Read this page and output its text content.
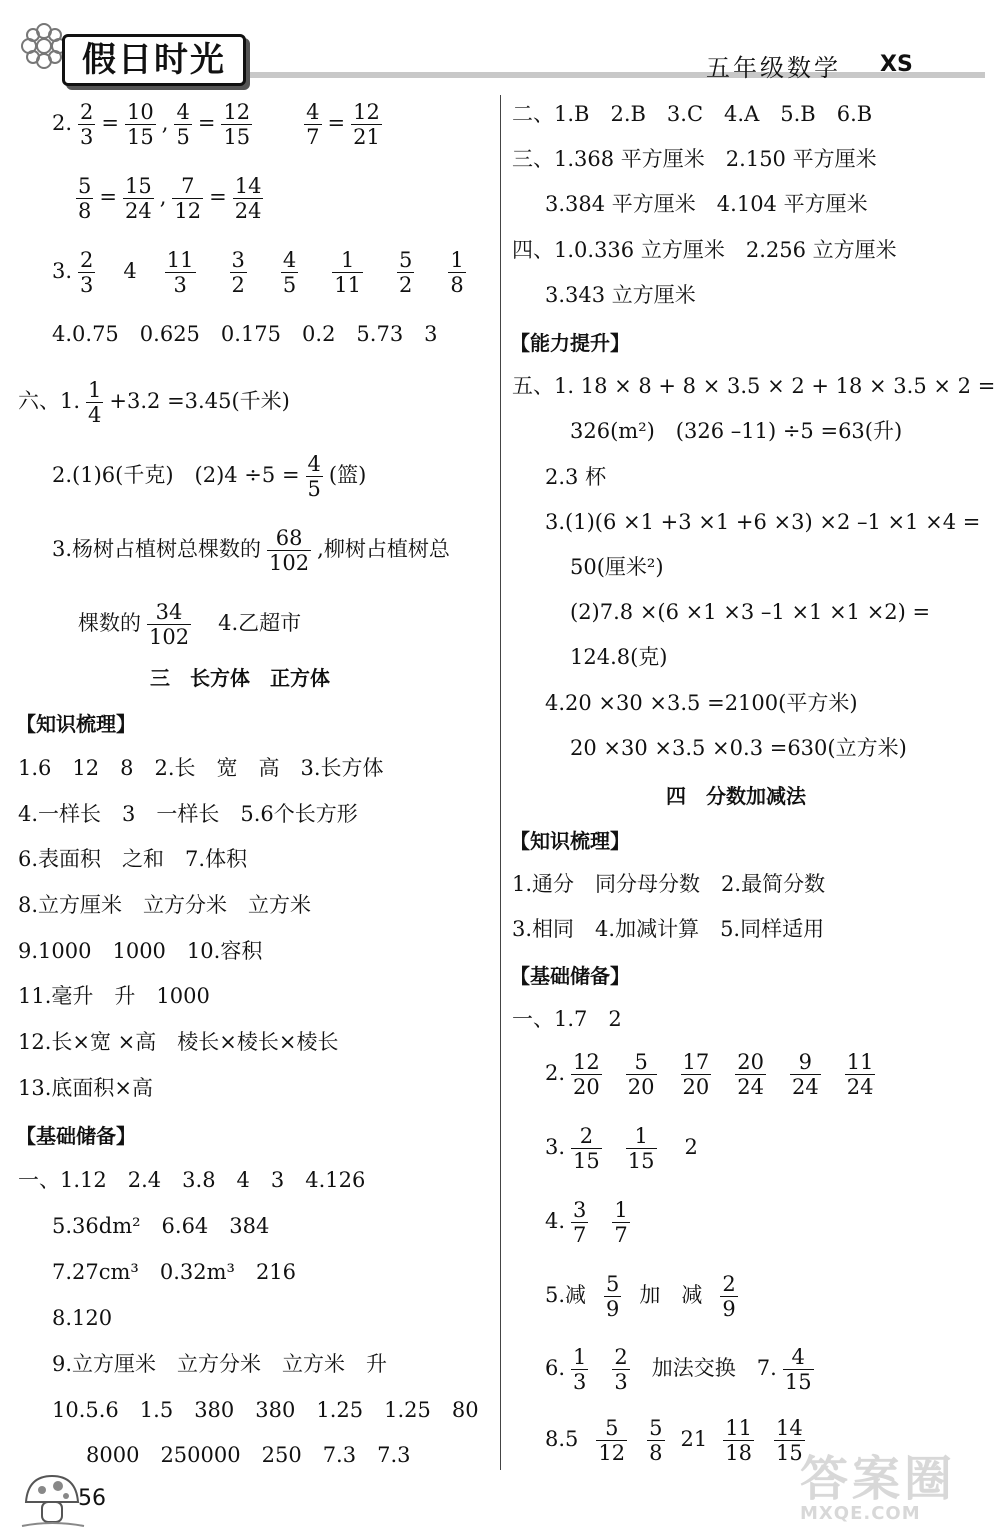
假日时光	五年级数学 XS
2. $\frac{2}{3} = \frac{10}{15}$ , $\frac{4}{5} = \frac{12}{15} \frac{4}{7} = \frac{12}{21}$
$\frac{5}{8} = \frac{15}{24}$ , $\frac{7}{12} = \frac{14}{24}$
3. $\frac{2}{3} 4 \frac{11}{3} \frac{3}{2} \frac{4}{5} \frac{1}{11} \frac{5}{2} \frac{1}{8}$
4.0.75　0.625　0.175　0.2　5.73　3
六、1. $\frac{1}{4} +3.2 =3.45$(千米)
2.(1)6(千克)　$(2)4 \div 5 = \frac{4}{5}$ (篮)
3.杨树占植树总棵数的 $\frac{68}{102}$ ,柳树占植树总
棵数的 $\frac{34}{102}$ 　4.乙超市
三　长方体　正方体
【知识梳理】
1.6　12　8　2.长　宽　高　3.长方体
4.一样长　3　一样长　5.6个长方形
6.表面积　之和　7.体积
8.立方厘米　立方分米　立方米
9.1000　1000　10.容积
11.毫升　升　1000
12.长×宽 ×高　棱长×棱长×棱长
13.底面积×高
【基础储备】
一、1.12　2.4　3.8　4　3　4.126
5.36dm²　6.64　384
7.27cm³　0.32m³　216
8.120
9.立方厘米　立方分米　立方米　升
10.5.6　1.5　380　380　1.25　1.25　80
8000　250000　250　7.3　7.3
二、1.B　2.B　3.C　4.A　5.B　6.B
三、1.368 平方厘米　2.150 平方厘米
3.384 平方厘米　4.104 平方厘米
四、1.0.336 立方厘米　2.256 立方厘米
3.343 立方厘米
【能力提升】
五、1. 18 × 8 + 8 × 3.5 × 2 + 18 × 3.5 × 2 =
326(m²)　(326 –11) ÷5 =63(升)
2.3 杯
3.(1)(6 ×1 +3 ×1 +6 ×3) ×2 –1 ×1 ×4 =
50(厘米²)
(2)7.8 ×(6 ×1 ×3 –1 ×1 ×1 ×2) =
124.8(克)
4.20 ×30 ×3.5 =2100(平方米)
20 ×30 ×3.5 ×0.3 =630(立方米)
四　分数加减法
【知识梳理】
1.通分　同分母分数　2.最简分数
3.相同　4.加减计算　5.同样适用
【基础储备】
一、1.7　2
2. $\frac{12}{20} \frac{5}{20} \frac{17}{20} \frac{20}{24} \frac{9}{24} \frac{11}{24}$
3. $\frac{2}{15} \frac{1}{15} 2$
4. $\frac{3}{7} \frac{1}{7}$
5.减 $\frac{5}{9}$ 加　减 $\frac{2}{9}$
6. $\frac{1}{3} \frac{2}{3}$ 加法交换　7. $\frac{4}{15}$
$8.5 \frac{5}{12} \frac{5}{8} 21 \frac{11}{18} \frac{14}{15}$
56	答案圈
MXQE.COM
